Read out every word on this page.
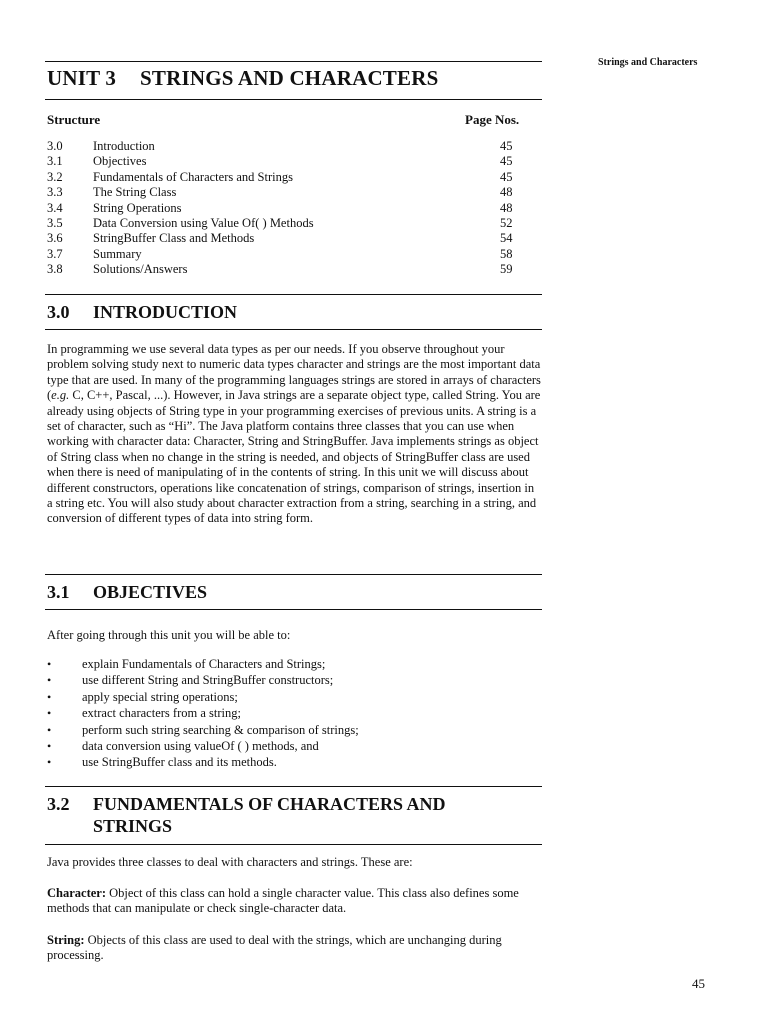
Strings and Characters
UNIT 3 STRINGS AND CHARACTERS
Structure	Page Nos.
3.0 Introduction	45
3.1 Objectives	45
3.2 Fundamentals of Characters and Strings	45
3.3 The String Class	48
3.4 String Operations	48
3.5 Data Conversion using Value Of( ) Methods	52
3.6 StringBuffer Class and Methods	54
3.7 Summary	58
3.8 Solutions/Answers	59
3.0 INTRODUCTION

In programming we use several data types as per our needs. If you observe throughout your problem solving study next to numeric data types character and strings are the most important data type that are used. In many of the programming languages strings are stored in arrays of characters (e.g. C, C++, Pascal, ...). However, in Java strings are a separate object type, called String. You are already using objects of String type in your programming exercises of previous units. A string is a set of character, such as “Hi”. The Java platform contains three classes that you can use when working with character data: Character, String and StringBuffer. Java implements strings as object of String class when no change in the string is needed, and objects of StringBuffer class are used when there is need of manipulating of in the contents of string. In this unit we will discuss about different constructors, operations like concatenation of strings, comparison of strings, insertion in a string etc. You will also study about character extraction from a string, searching in a string, and conversion of different types of data into string form.

3.1 OBJECTIVES
After going through this unit you will be able to:
• explain Fundamentals of Characters and Strings;
• use different String and StringBuffer constructors;
• apply special string operations;
• extract characters from a string;
• perform such string searching & comparison of strings;
• data conversion using valueOf ( ) methods, and
• use StringBuffer class and its methods.
3.2 FUNDAMENTALS OF CHARACTERS AND
STRINGS
Java provides three classes to deal with characters and strings. These are:

Character: Object of this class can hold a single character value. This class also defines some methods that can manipulate or check single-character data.

String: Objects of this class are used to deal with the strings, which are unchanging during processing.

45
